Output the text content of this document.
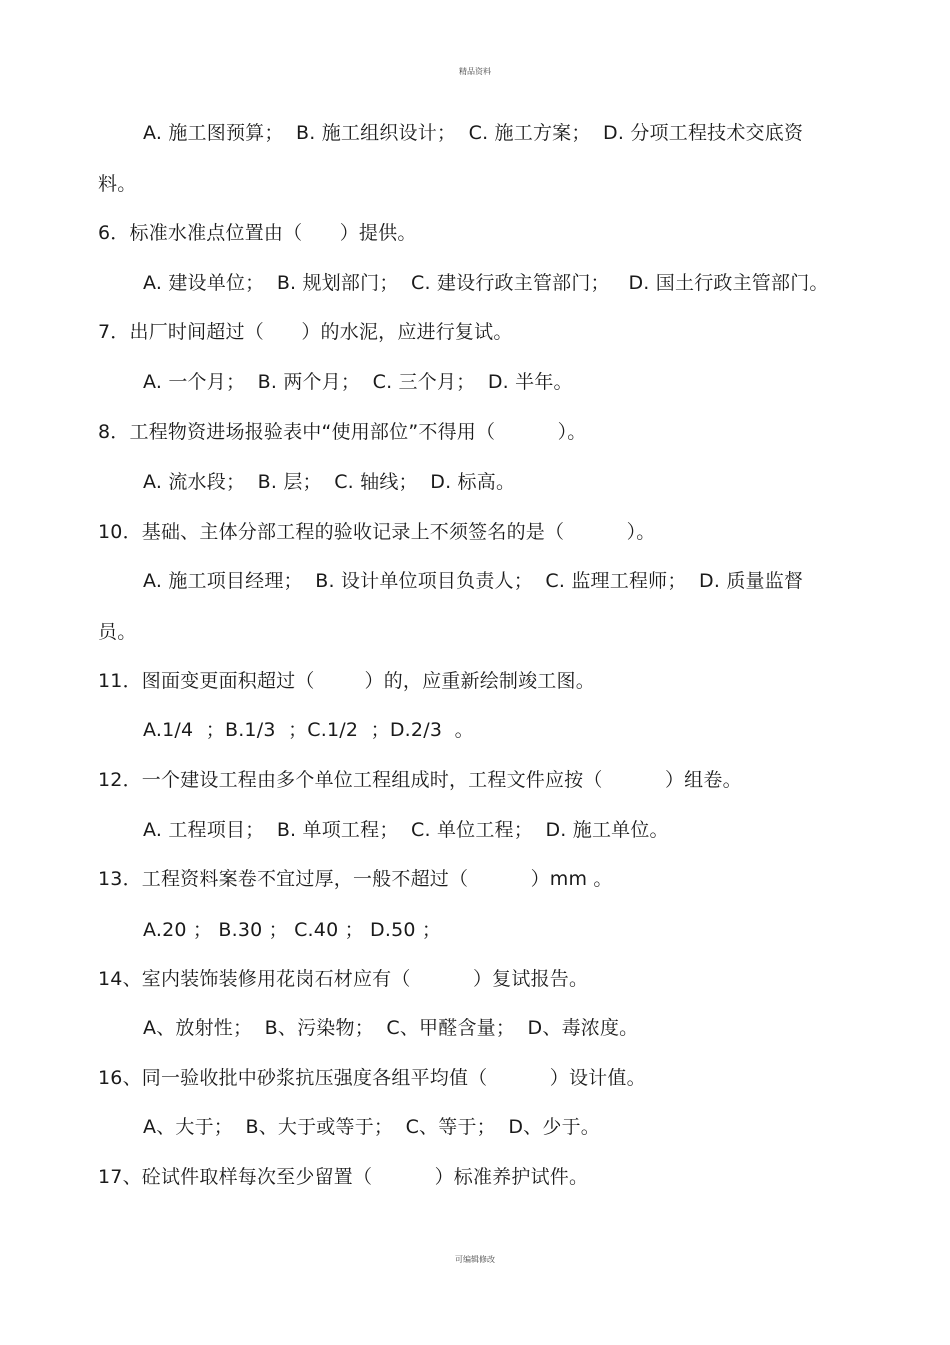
精品资料
A. 施工图预算；  B. 施工组织设计；  C. 施工方案；  D. 分项工程技术交底资
料。
6．标准水准点位置由（      ）提供。
A. 建设单位；  B. 规划部门；  C. 建设行政主管部门；   D. 国土行政主管部门。
7．出厂时间超过（      ）的水泥，应进行复试。
A. 一个月；  B. 两个月；  C. 三个月；  D. 半年。
8．工程物资进场报验表中“使用部位”不得用（          ）。
A. 流水段；  B. 层；  C. 轴线；  D. 标高。
10．基础、主体分部工程的验收记录上不须签名的是（          ）。
A. 施工项目经理；  B. 设计单位项目负责人；  C. 监理工程师；  D. 质量监督
员。
11．图面变更面积超过（        ）的，应重新绘制竣工图。
A.1/4  ；B.1/3  ；C.1/2  ；D.2/3  。
12．一个建设工程由多个单位工程组成时，工程文件应按（          ）组卷。
A. 工程项目；  B. 单项工程；  C. 单位工程；  D. 施工单位。
13．工程资料案卷不宜过厚，一般不超过（          ）mm 。
A.20 ； B.30 ； C.40 ； D.50 ；
14、室内装饰装修用花岗石材应有（          ）复试报告。
A、放射性；  B、污染物；  C、甲醛含量；  D、毒浓度。
16、同一验收批中砂浆抗压强度各组平均值（          ）设计值。
A、大于；  B、大于或等于；  C、等于；  D、少于。
17、砼试件取样每次至少留置（          ）标准养护试件。
可编辑修改
